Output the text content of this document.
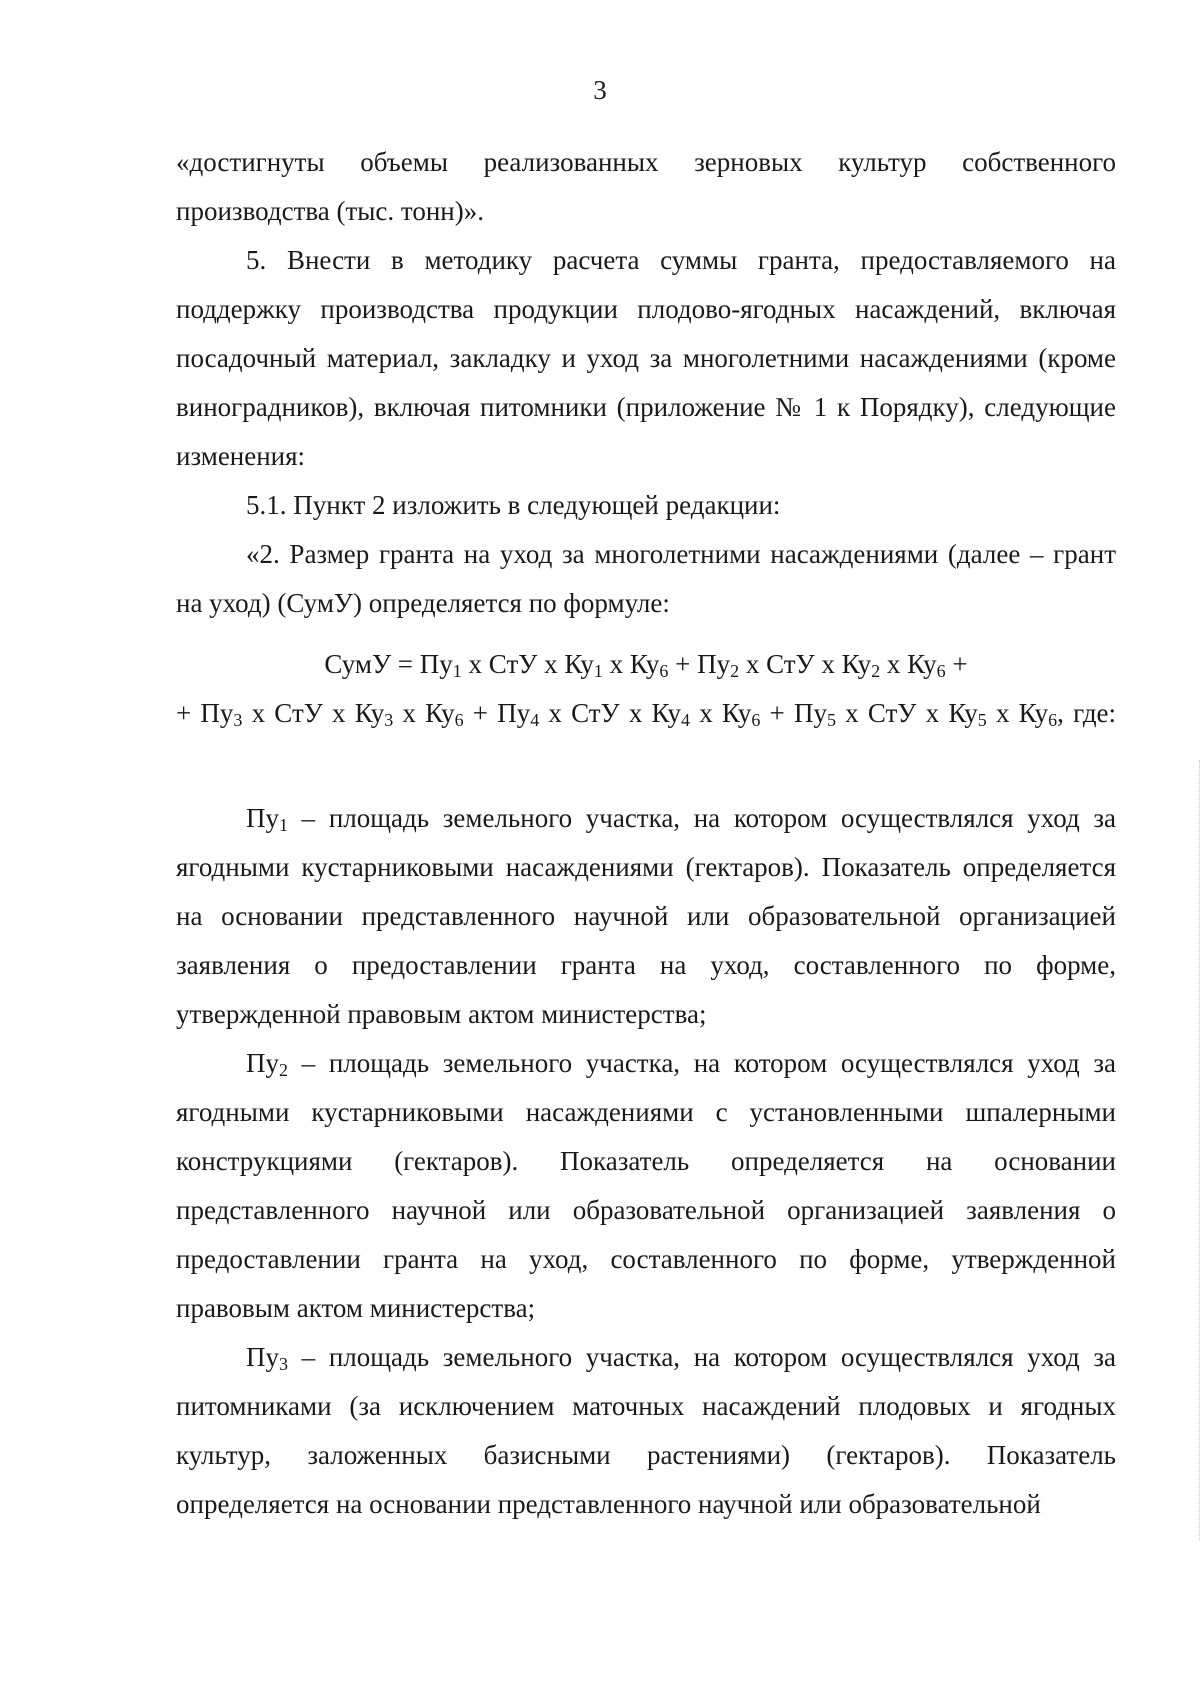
3

«достигнуты объемы реализованных зерновых культур собственного производства (тыс. тонн)».

5. Внести в методику расчета суммы гранта, предоставляемого на поддержку производства продукции плодово-ягодных насаждений, включая посадочный материал, закладку и уход за многолетними насаждениями (кроме виноградников), включая питомники (приложение № 1 к Порядку), следующие изменения:

5.1. Пункт 2 изложить в следующей редакции:

«2. Размер гранта на уход за многолетними насаждениями (далее – грант на уход) (СумУ) определяется по формуле:

СумУ = $Пу_1$ х СтУ х $Ку_1$ х $Ку_6 + Пу_2$ х СтУ х $Ку_2$ х $Ку_6$ +
+ $Пу_3$ х СтУ х $Ку_3$ х $Ку_6 + Пу_4$ х СтУ х $Ку_4$ х $Ку_6 + Пу_5$ х СтУ х $Ку_5$ х $Ку_6$, где:

$Пу_1$ – площадь земельного участка, на котором осуществлялся уход за ягодными кустарниковыми насаждениями (гектаров). Показатель определяется на основании представленного научной или образовательной организацией заявления о предоставлении гранта на уход, составленного по форме, утвержденной правовым актом министерства;

$Пу_2$ – площадь земельного участка, на котором осуществлялся уход за ягодными кустарниковыми насаждениями с установленными шпалерными конструкциями (гектаров). Показатель определяется на основании представленного научной или образовательной организацией заявления о предоставлении гранта на уход, составленного по форме, утвержденной правовым актом министерства;

$Пу_3$ – площадь земельного участка, на котором осуществлялся уход за питомниками (за исключением маточных насаждений плодовых и ягодных культур, заложенных базисными растениями) (гектаров). Показатель определяется на основании представленного научной или образовательной
